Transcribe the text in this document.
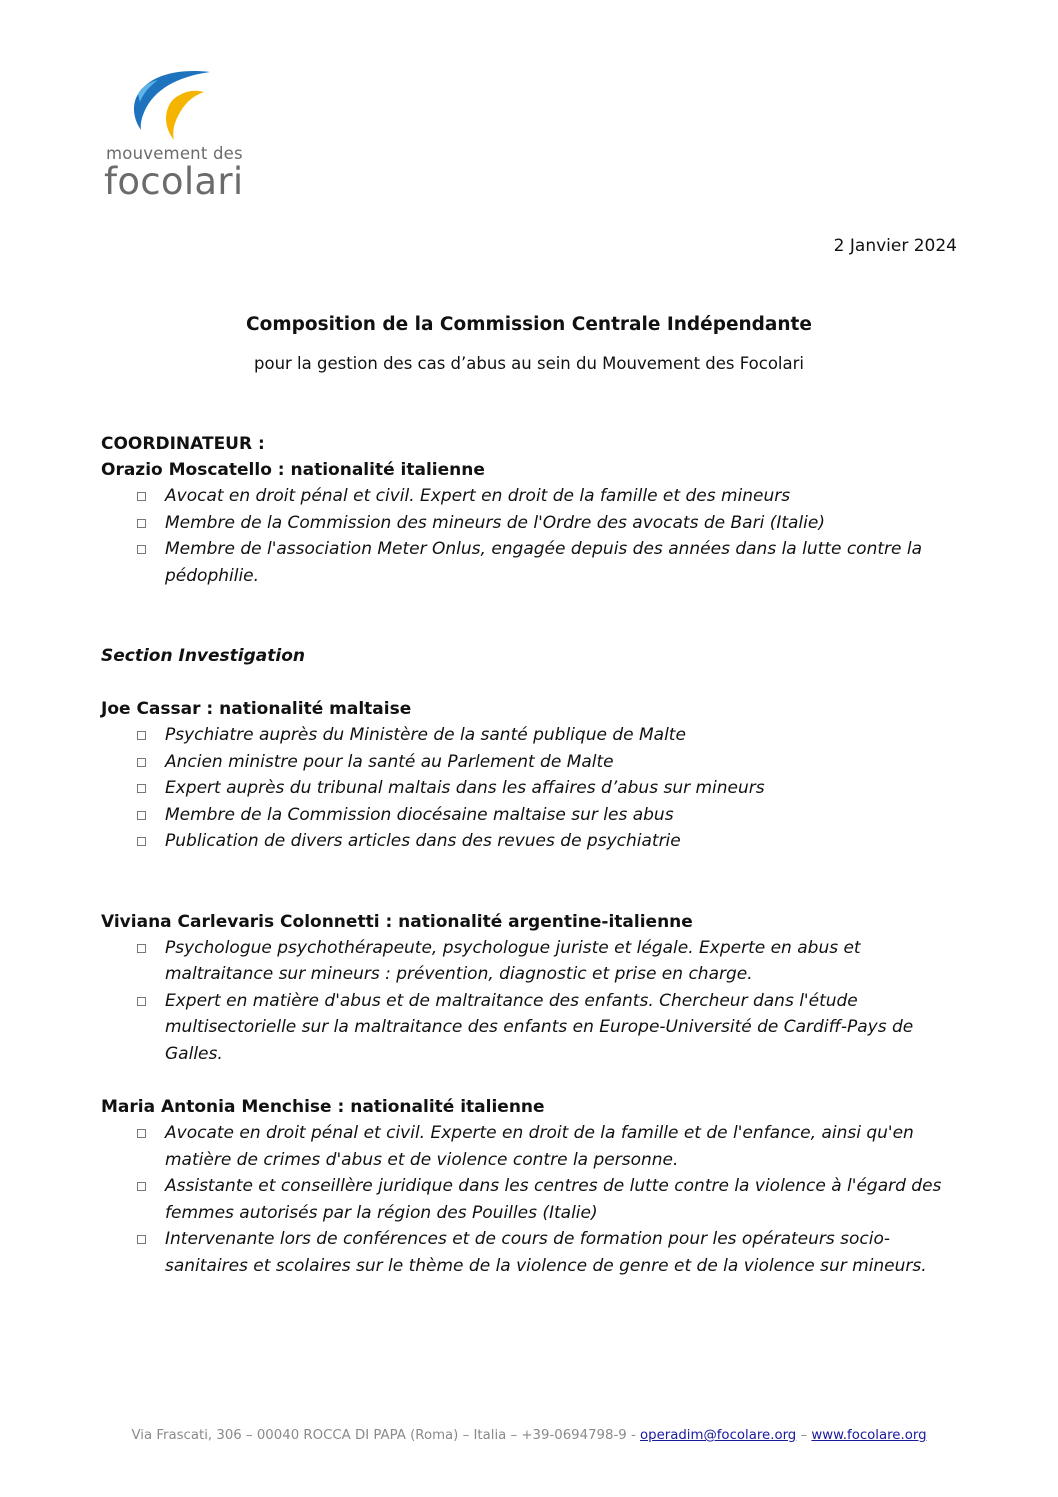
mouvement des
focolari
2 Janvier 2024
Composition de la Commission Centrale Indépendante
pour la gestion des cas d’abus au sein du Mouvement des Focolari
COORDINATEUR :
Orazio Moscatello : nationalité italienne
Avocat en droit pénal et civil. Expert en droit de la famille et des mineurs
Membre de la Commission des mineurs de l'Ordre des avocats de Bari (Italie)
Membre de l'association Meter Onlus, engagée depuis des années dans la lutte contre la pédophilie.
Section Investigation
Joe Cassar : nationalité maltaise
Psychiatre auprès du Ministère de la santé publique de Malte
Ancien ministre pour la santé au Parlement de Malte
Expert auprès du tribunal maltais dans les affaires d’abus sur mineurs
Membre de la Commission diocésaine maltaise sur les abus
Publication de divers articles dans des revues de psychiatrie
Viviana Carlevaris Colonnetti : nationalité argentine-italienne
Psychologue psychothérapeute, psychologue juriste et légale. Experte en abus et maltraitance sur mineurs : prévention, diagnostic et prise en charge.
Expert en matière d'abus et de maltraitance des enfants. Chercheur dans l'étude multisectorielle sur la maltraitance des enfants en Europe-Université de Cardiff-Pays de Galles.
Maria Antonia Menchise : nationalité italienne
Avocate en droit pénal et civil. Experte en droit de la famille et de l'enfance, ainsi qu'en matière de crimes d'abus et de violence contre la personne.
Assistante et conseillère juridique dans les centres de lutte contre la violence à l'égard des femmes autorisés par la région des Pouilles (Italie)
Intervenante lors de conférences et de cours de formation pour les opérateurs socio-sanitaires et scolaires sur le thème de la violence de genre et de la violence sur mineurs.
Via Frascati, 306 – 00040 ROCCA DI PAPA (Roma) – Italia – +39-0694798-9 - operadim@focolare.org – www.focolare.org
